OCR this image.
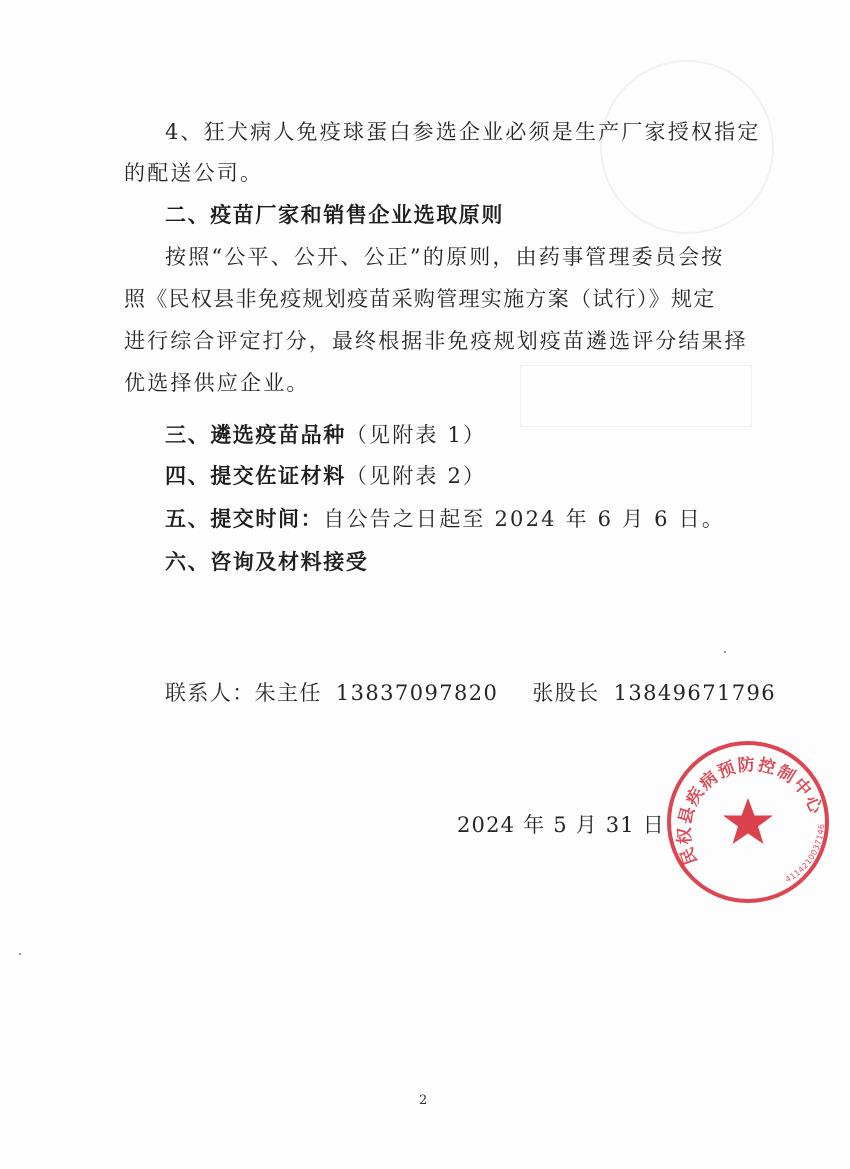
4、狂犬病人免疫球蛋白参选企业必须是生产厂家授权指定
的配送公司。
二、疫苗厂家和销售企业选取原则
按照“公平、公开、公正”的原则，由药事管理委员会按
照《民权县非免疫规划疫苗采购管理实施方案（试行）》规定
进行综合评定打分，最终根据非免疫规划疫苗遴选评分结果择
优选择供应企业。
三、遴选疫苗品种（见附表 1）
四、提交佐证材料（见附表 2）
五、提交时间：自公告之日起至 2024 年 6 月 6 日。
六、咨询及材料接受
联系人：朱主任 13837097820 张股长 13849671796
2024 年 5 月 31 日
民权县疾病预防控制中心
4114210037146
2
